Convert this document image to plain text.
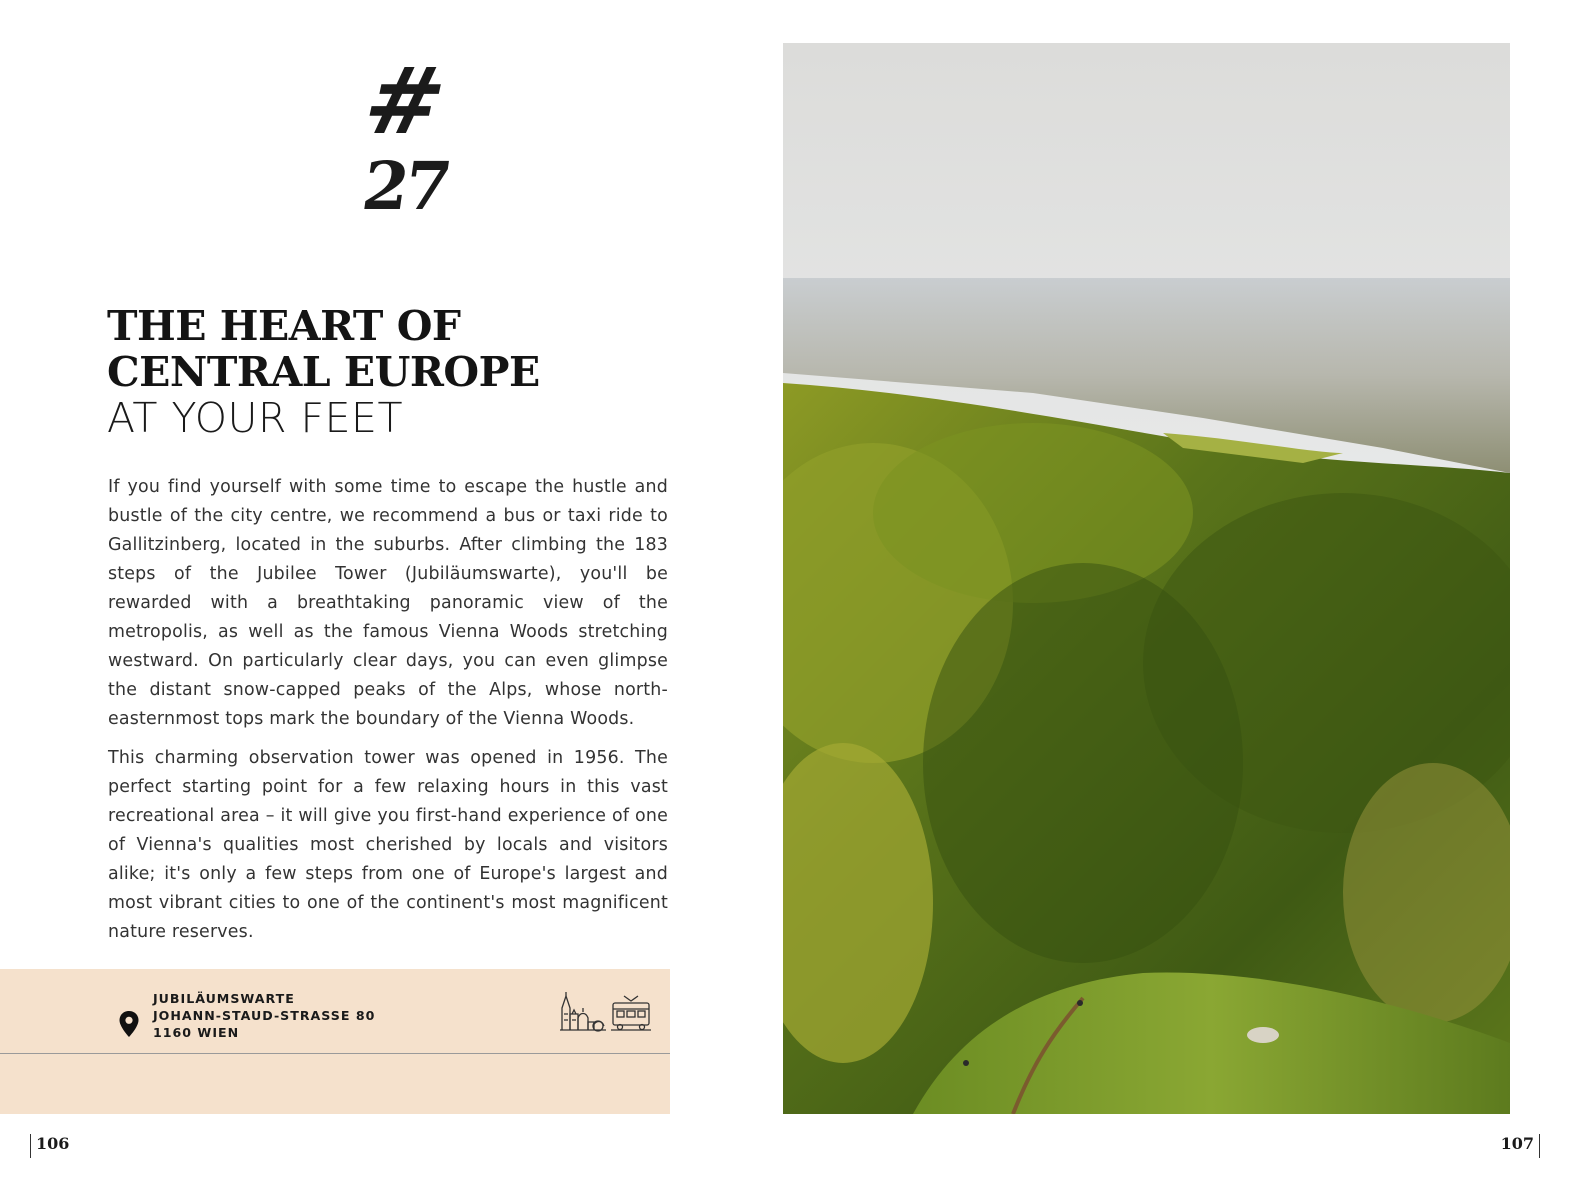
#
27
THE HEART OF
CENTRAL EUROPE
AT YOUR FEET

If you find yourself with some time to escape the hustle and bustle of the city centre, we recommend a bus or taxi ride to Gallitzinberg, located in the suburbs. After climbing the 183 steps of the Jubilee Tower (Jubiläumswarte), you'll be rewarded with a breathtaking panoramic view of the metropolis, as well as the famous Vienna Woods stretching westward. On particularly clear days, you can even glimpse the distant snow-capped peaks of the Alps, whose north-easternmost tops mark the boundary of the Vienna Woods.

This charming observation tower was opened in 1956. The perfect starting point for a few relaxing hours in this vast recreational area – it will give you first-hand experience of one of Vienna's qualities most cherished by locals and visitors alike; it's only a few steps from one of Europe's largest and most vibrant cities to one of the continent's most magnificent nature reserves.

JUBILÄUMSWARTE
JOHANN-STAUD-STRASSE 80
1160 WIEN
106	107
